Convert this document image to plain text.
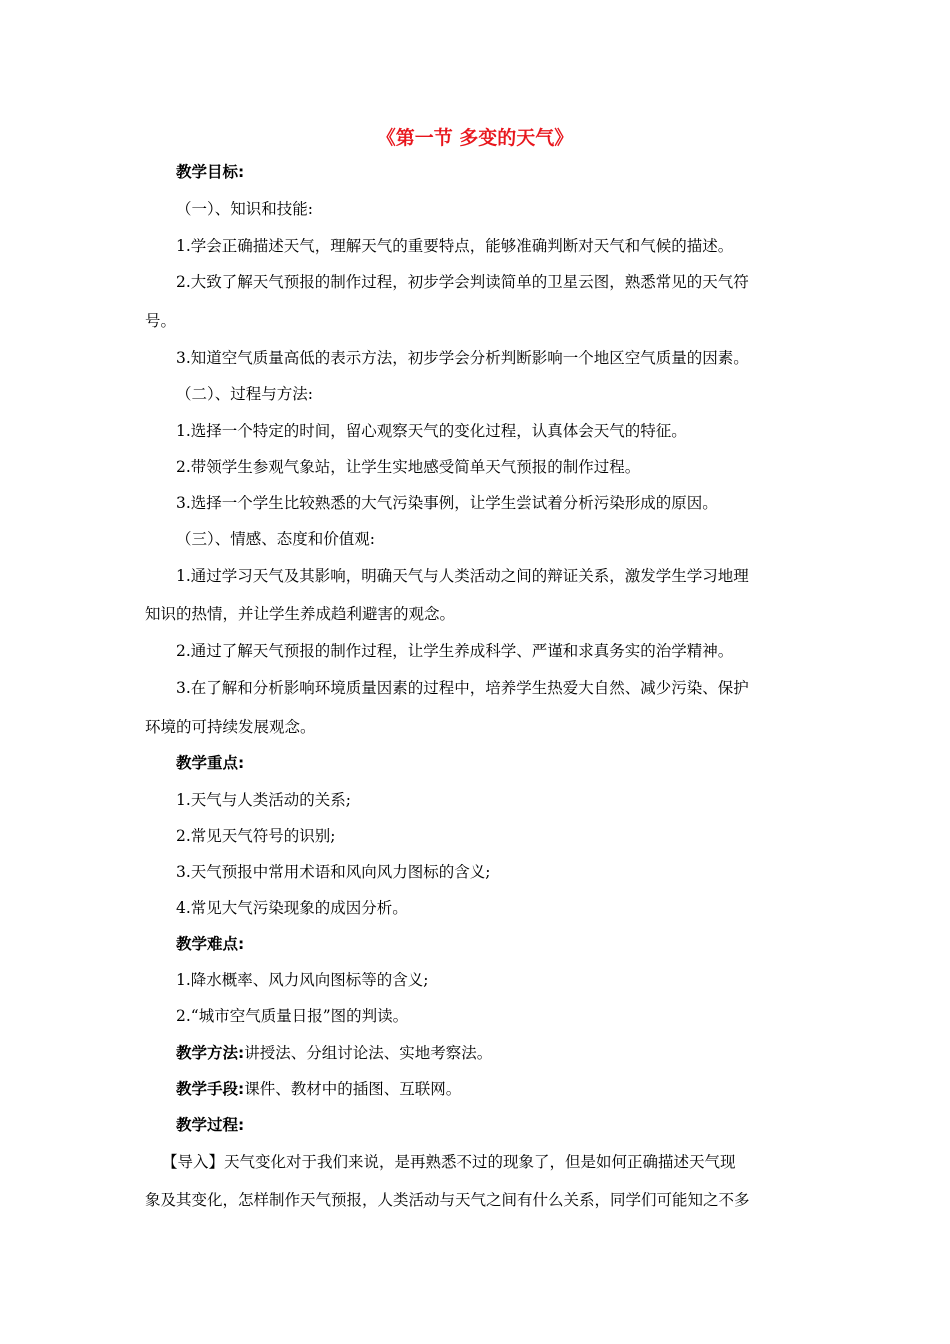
《第一节 多变的天气》
教学目标:
（一）、知识和技能:
1.学会正确描述天气，理解天气的重要特点，能够准确判断对天气和气候的描述。
2.大致了解天气预报的制作过程，初步学会判读简单的卫星云图，熟悉常见的天气符
号。
3.知道空气质量高低的表示方法，初步学会分析判断影响一个地区空气质量的因素。
（二）、过程与方法:
1.选择一个特定的时间，留心观察天气的变化过程，认真体会天气的特征。
2.带领学生参观气象站，让学生实地感受简单天气预报的制作过程。
3.选择一个学生比较熟悉的大气污染事例，让学生尝试着分析污染形成的原因。
（三）、情感、态度和价值观:
1.通过学习天气及其影响，明确天气与人类活动之间的辩证关系，激发学生学习地理
知识的热情，并让学生养成趋利避害的观念。
2.通过了解天气预报的制作过程，让学生养成科学、严谨和求真务实的治学精神。
3.在了解和分析影响环境质量因素的过程中，培养学生热爱大自然、减少污染、保护
环境的可持续发展观念。
教学重点:
1.天气与人类活动的关系;
2.常见天气符号的识别;
3.天气预报中常用术语和风向风力图标的含义;
4.常见大气污染现象的成因分析。
教学难点:
1.降水概率、风力风向图标等的含义;
2.“城市空气质量日报”图的判读。
教学方法:讲授法、分组讨论法、实地考察法。
教学手段:课件、教材中的插图、互联网。
教学过程:
【导入】天气变化对于我们来说，是再熟悉不过的现象了，但是如何正确描述天气现
象及其变化，怎样制作天气预报，人类活动与天气之间有什么关系，同学们可能知之不多
